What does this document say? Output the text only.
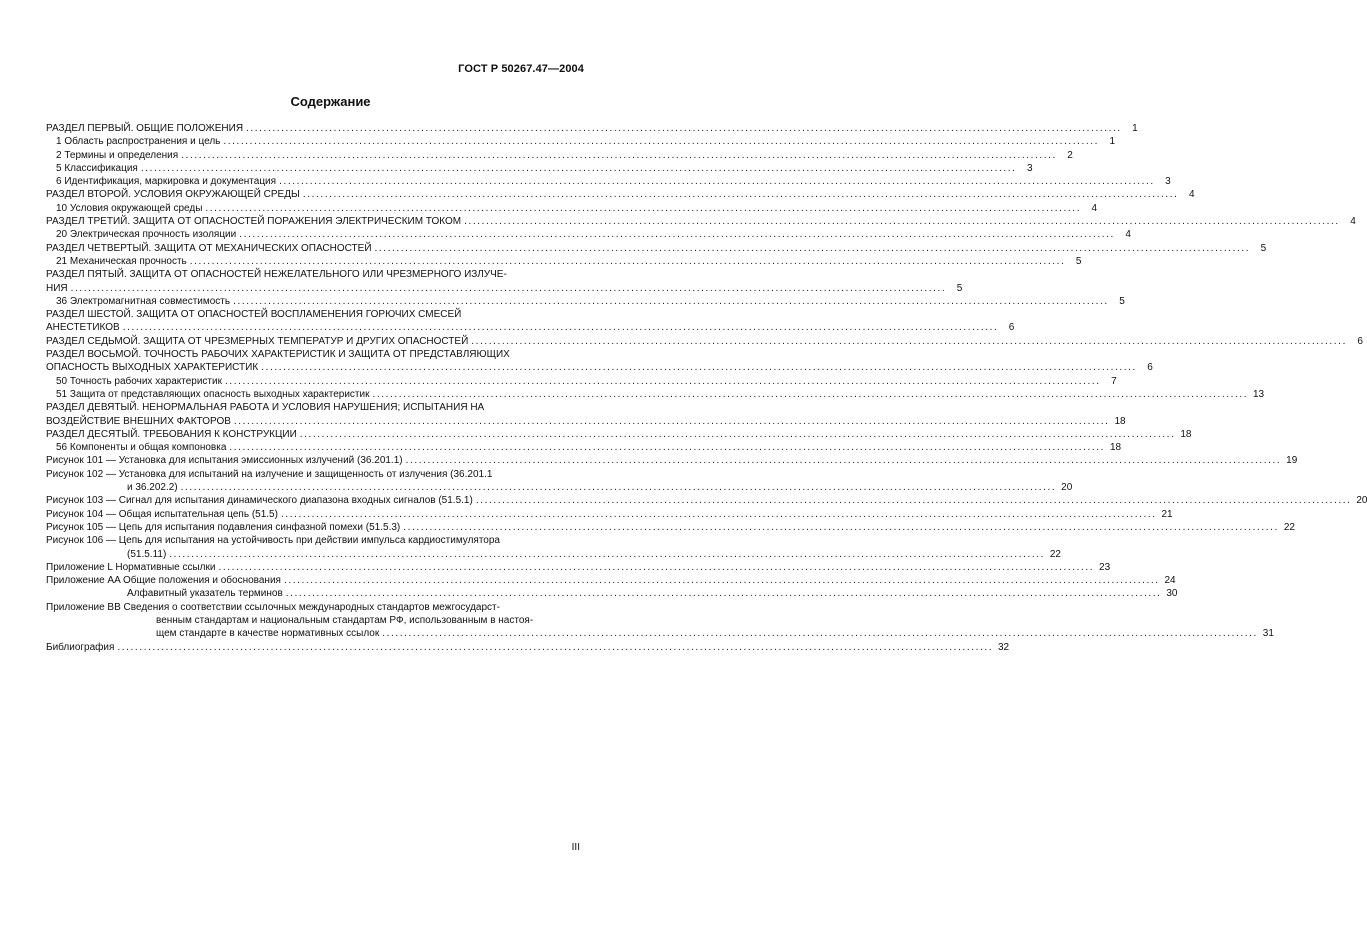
ГОСТ Р 50267.47—2004
Содержание
РАЗДЕЛ ПЕРВЫЙ. ОБЩИЕ ПОЛОЖЕНИЯ ........................................................................................................................................................................................................	1
1 Область распространения и цель ........................................................................................................................................................................................................	1
2 Термины и определения ........................................................................................................................................................................................................	2
5 Классификация ........................................................................................................................................................................................................	3
6 Идентификация, маркировка и документация ........................................................................................................................................................................................................	3
РАЗДЕЛ ВТОРОЙ. УСЛОВИЯ ОКРУЖАЮЩЕЙ СРЕДЫ ........................................................................................................................................................................................................	4
10 Условия окружающей среды ........................................................................................................................................................................................................	4
РАЗДЕЛ ТРЕТИЙ. ЗАЩИТА ОТ ОПАСНОСТЕЙ ПОРАЖЕНИЯ ЭЛЕКТРИЧЕСКИМ ТОКОМ ........................................................................................................................................................................................................	4
20 Электрическая прочность изоляции ........................................................................................................................................................................................................	4
РАЗДЕЛ ЧЕТВЕРТЫЙ. ЗАЩИТА ОТ МЕХАНИЧЕСКИХ ОПАСНОСТЕЙ ........................................................................................................................................................................................................	5
21 Механическая прочность ........................................................................................................................................................................................................	5
РАЗДЕЛ ПЯТЫЙ. ЗАЩИТА ОТ ОПАСНОСТЕЙ НЕЖЕЛАТЕЛЬНОГО ИЛИ ЧРЕЗМЕРНОГО ИЗЛУЧЕ-
НИЯ ........................................................................................................................................................................................................	5
36 Электромагнитная совместимость ........................................................................................................................................................................................................	5
РАЗДЕЛ ШЕСТОЙ. ЗАЩИТА ОТ ОПАСНОСТЕЙ ВОСПЛАМЕНЕНИЯ ГОРЮЧИХ СМЕСЕЙ
АНЕСТЕТИКОВ ........................................................................................................................................................................................................	6
РАЗДЕЛ СЕДЬМОЙ. ЗАЩИТА ОТ ЧРЕЗМЕРНЫХ ТЕМПЕРАТУР И ДРУГИХ ОПАСНОСТЕЙ ........................................................................................................................................................................................................	6
РАЗДЕЛ ВОСЬМОЙ. ТОЧНОСТЬ РАБОЧИХ ХАРАКТЕРИСТИК И ЗАЩИТА ОТ ПРЕДСТАВЛЯЮЩИХ
ОПАСНОСТЬ ВЫХОДНЫХ ХАРАКТЕРИСТИК ........................................................................................................................................................................................................	6
50 Точность рабочих характеристик ........................................................................................................................................................................................................	7
51 Защита от представляющих опасность выходных характеристик ........................................................................................................................................................................................................ 13
РАЗДЕЛ ДЕВЯТЫЙ. НЕНОРМАЛЬНАЯ РАБОТА И УСЛОВИЯ НАРУШЕНИЯ; ИСПЫТАНИЯ НА
ВОЗДЕЙСТВИЕ ВНЕШНИХ ФАКТОРОВ ........................................................................................................................................................................................................ 18
РАЗДЕЛ ДЕСЯТЫЙ. ТРЕБОВАНИЯ К КОНСТРУКЦИИ ........................................................................................................................................................................................................ 18
56 Компоненты и общая компоновка ........................................................................................................................................................................................................ 18
Рисунок 101 — Установка для испытания эмиссионных излучений (36.201.1) ........................................................................................................................................................................................................ 19
Рисунок 102 — Установка для испытаний на излучение и защищенность от излучения (36.201.1
и 36.202.2) ........................................................................................................................................................................................................ 20
Рисунок 103 — Сигнал для испытания динамического диапазона входных сигналов (51.5.1) ........................................................................................................................................................................................................ 20
Рисунок 104 — Общая испытательная цепь (51.5) ........................................................................................................................................................................................................ 21
Рисунок 105 — Цепь для испытания подавления синфазной помехи (51.5.3) ........................................................................................................................................................................................................ 22
Рисунок 106 — Цепь для испытания на устойчивость при действии импульса кардиостимулятора
(51.5.11) ........................................................................................................................................................................................................ 22
Приложение L Нормативные ссылки ........................................................................................................................................................................................................ 23
Приложение AA Общие положения и обоснования ........................................................................................................................................................................................................ 24
Алфавитный указатель терминов ........................................................................................................................................................................................................ 30
Приложение ВВ Сведения о соответствии ссылочных международных стандартов межгосударст-
венным стандартам и национальным стандартам РФ, использованным в настоя-
щем стандарте в качестве нормативных ссылок ........................................................................................................................................................................................................ 31
Библиография ........................................................................................................................................................................................................ 32
III
